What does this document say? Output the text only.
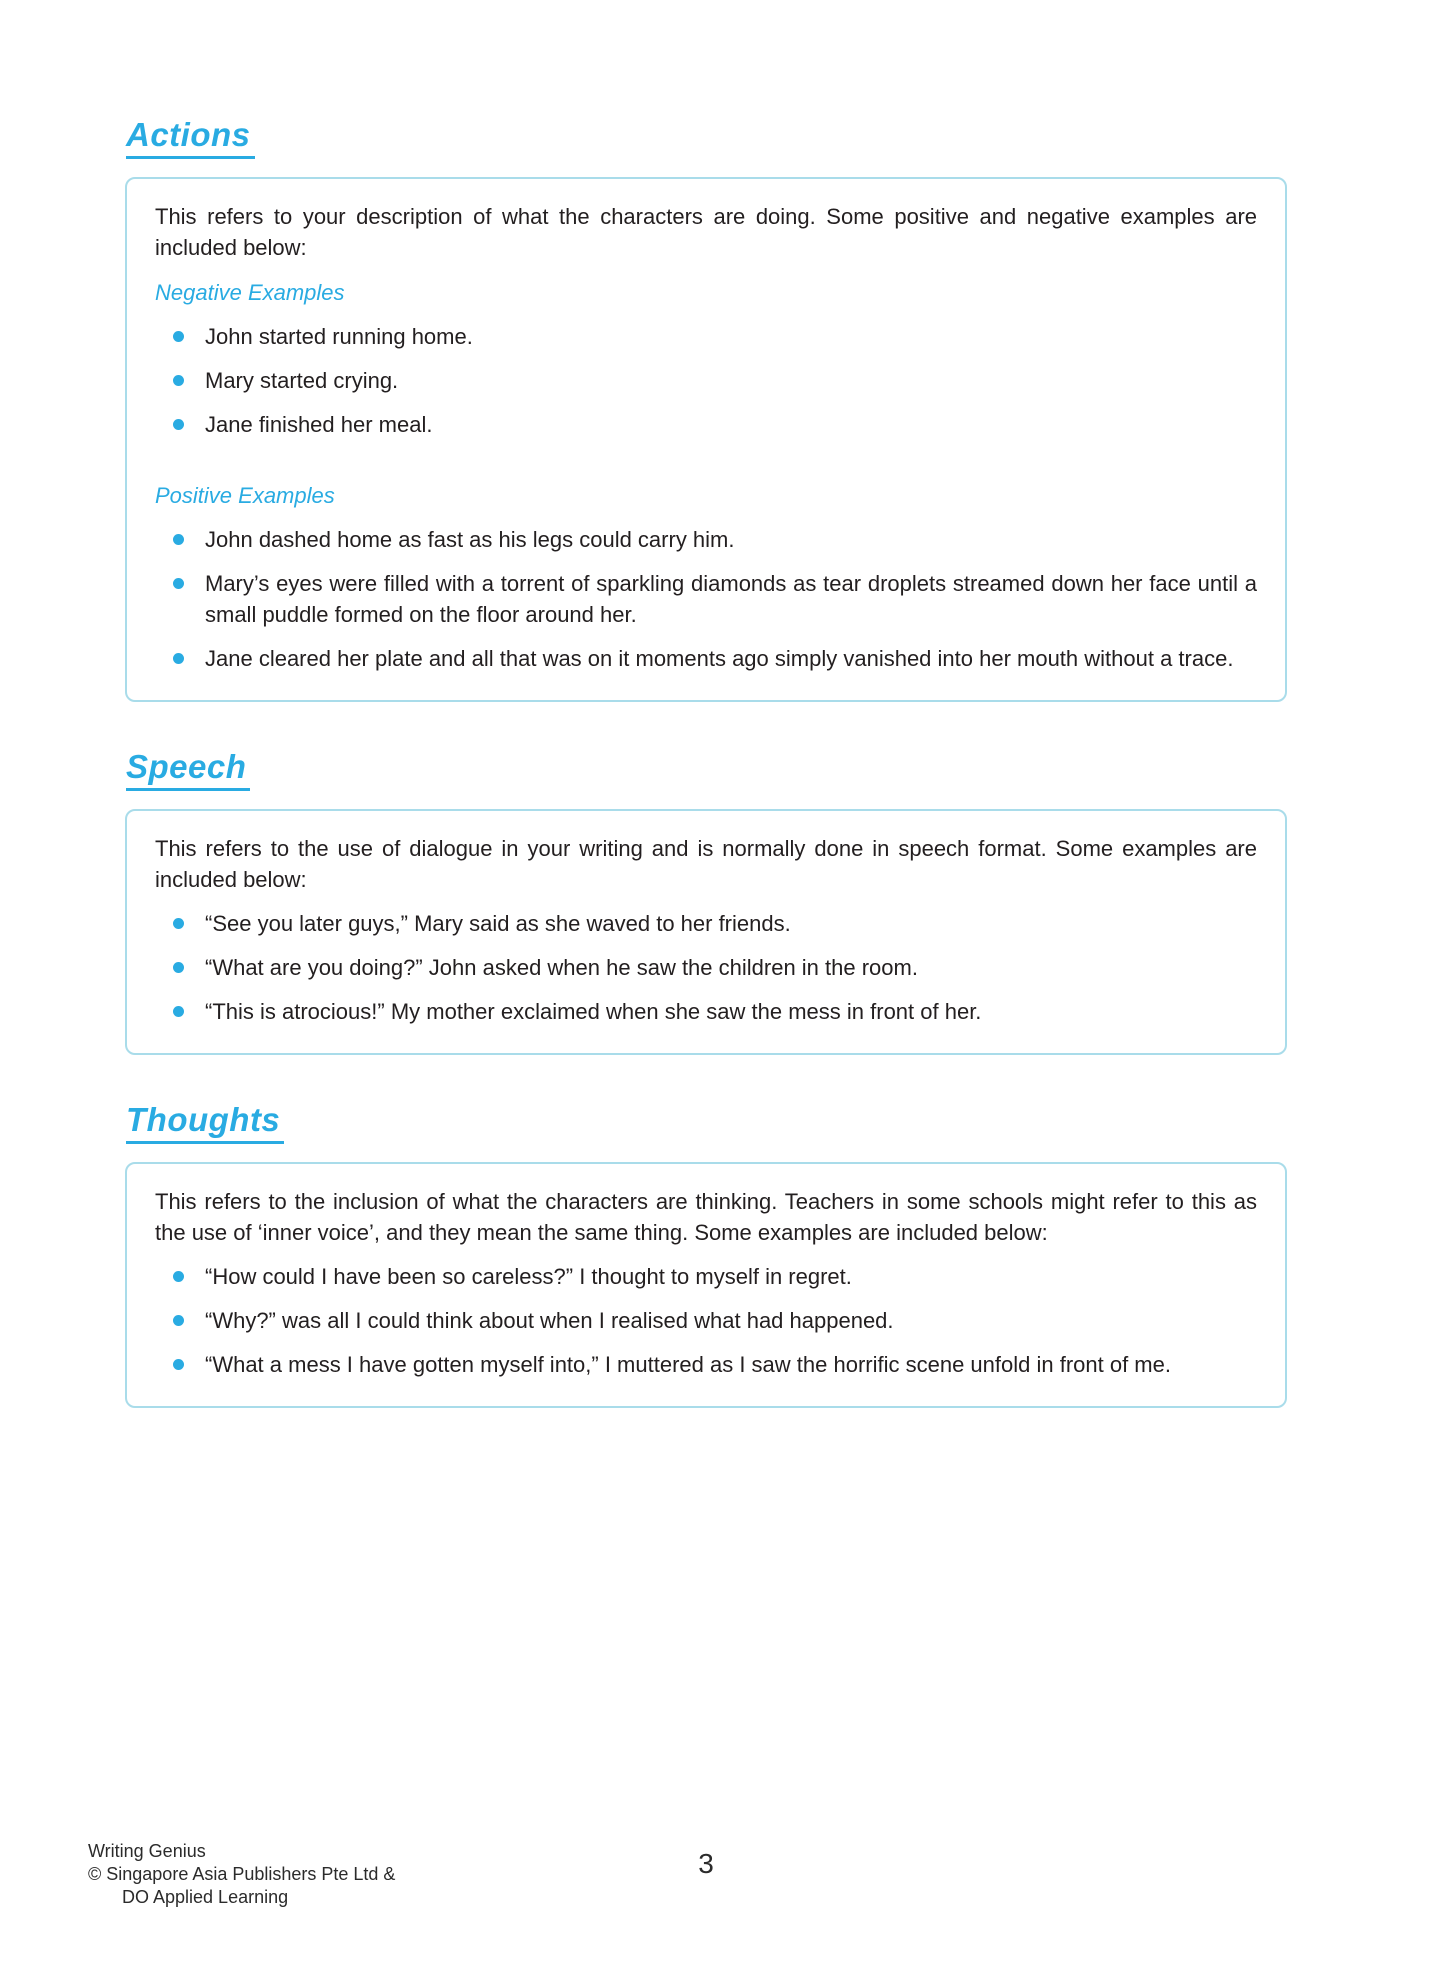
Actions

This refers to your description of what the characters are doing. Some positive and negative examples are included below:

Negative Examples

John started running home.
Mary started crying.
Jane finished her meal.

Positive Examples

John dashed home as fast as his legs could carry him.
Mary’s eyes were filled with a torrent of sparkling diamonds as tear droplets streamed down her face until a small puddle formed on the floor around her.
Jane cleared her plate and all that was on it moments ago simply vanished into her mouth without a trace.
Speech

This refers to the use of dialogue in your writing and is normally done in speech format. Some examples are included below:

“See you later guys,” Mary said as she waved to her friends.
“What are you doing?” John asked when he saw the children in the room.
“This is atrocious!” My mother exclaimed when she saw the mess in front of her.
Thoughts

This refers to the inclusion of what the characters are thinking. Teachers in some schools might refer to this as the use of ‘inner voice’, and they mean the same thing. Some examples are included below:

“How could I have been so careless?” I thought to myself in regret.
“Why?” was all I could think about when I realised what had happened.
“What a mess I have gotten myself into,” I muttered as I saw the horrific scene unfold in front of me.
Writing Genius
© Singapore Asia Publishers Pte Ltd &
DO Applied Learning
3
